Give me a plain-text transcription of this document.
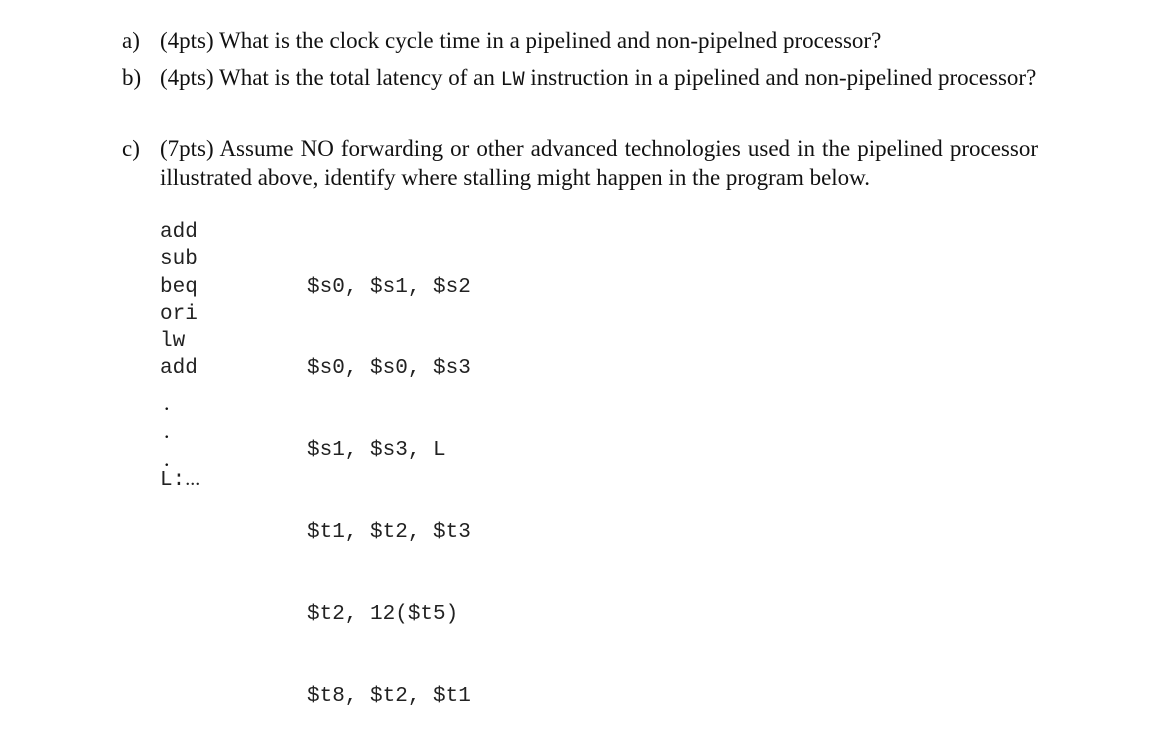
a) (4pts) What is the clock cycle time in a pipelined and non-pipelned processor?
b) (4pts) What is the total latency of an LW instruction in a pipelined and non-pipelined processor?
c) (7pts) Assume NO forwarding or other advanced technologies used in the pipelined processor illustrated above, identify where stalling might happen in the program below.
add
sub
beq
ori
lw
add

$s0, $s1, $s2

$s0, $s0, $s3

$s1, $s3, L

$t1, $t2, $t3

$t2, 12($t5)

$t8, $t2, $t1

.
.
.
L:...
